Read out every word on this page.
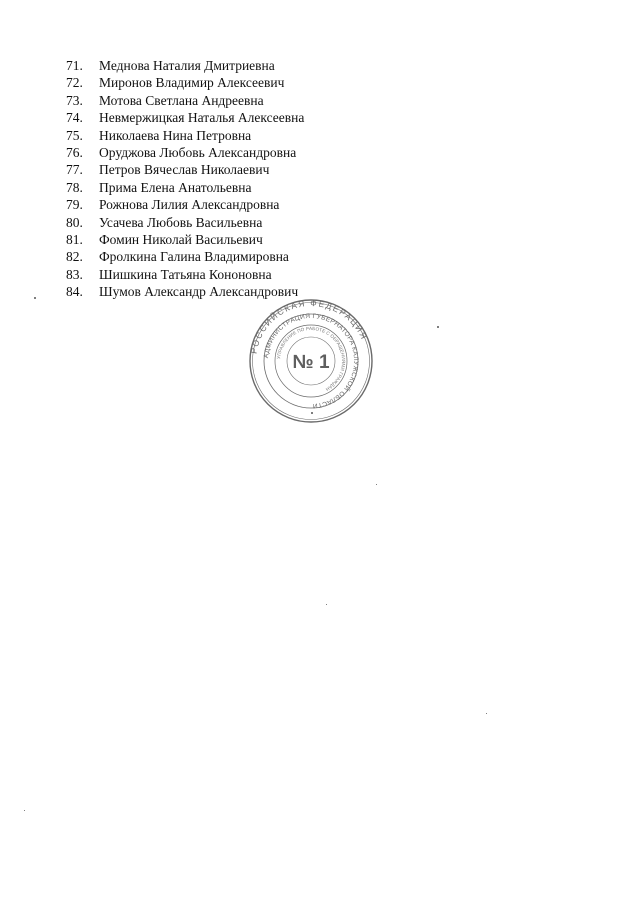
71.	Меднова Наталия Дмитриевна
72.	Миронов Владимир Алексеевич
73.	Мотова Светлана Андреевна
74.	Невмержицкая Наталья Алексеевна
75.	Николаева Нина Петровна
76.	Оруджова Любовь Александровна
77.	Петров Вячеслав Николаевич
78.	Прима Елена Анатольевна
79.	Рожнова Лилия Александровна
80.	Усачева Любовь Васильевна
81.	Фомин Николай Васильевич
82.	Фролкина Галина Владимировна
83.	Шишкина Татьяна Кононовна
84.	Шумов Александр Александрович
РОССИЙСКАЯ ФЕДЕРАЦИЯ
АДМИНИСТРАЦИЯ ГУБЕРНАТОРА КАЛУЖСКОЙ ОБЛАСТИ
УПРАВЛЕНИЕ ПО РАБОТЕ С ОБРАЩЕНИЯМИ ГРАЖДАН
№ 1
